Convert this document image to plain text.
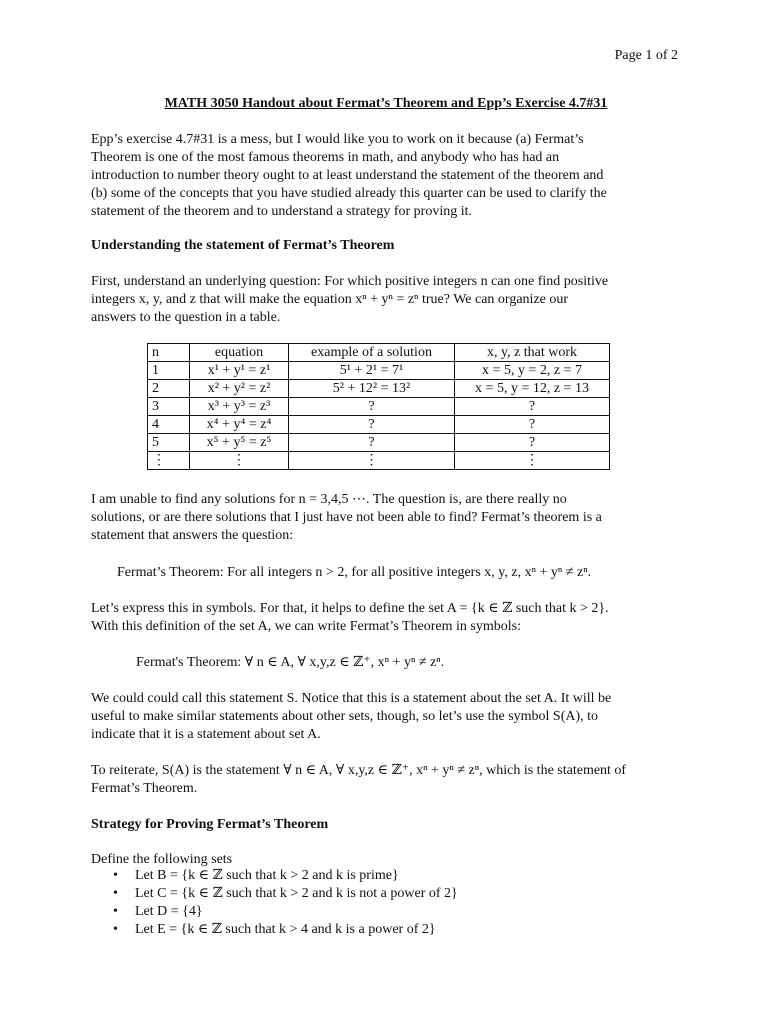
Page 1 of 2
MATH 3050 Handout about Fermat’s Theorem and Epp’s Exercise 4.7#31
Epp’s exercise 4.7#31 is a mess, but I would like you to work on it because (a) Fermat’s
Theorem is one of the most famous theorems in math, and anybody who has had an
introduction to number theory ought to at least understand the statement of the theorem and
(b) some of the concepts that you have studied already this quarter can be used to clarify the
statement of the theorem and to understand a strategy for proving it.
Understanding the statement of Fermat’s Theorem
First, understand an underlying question: For which positive integers n can one find positive
integers x, y, and z that will make the equation xⁿ + yⁿ = zⁿ true? We can organize our
answers to the question in a table.
n	equation	example of a solution	x, y, z that work
1	x¹ + y¹ = z¹	5¹ + 2¹ = 7¹	x = 5, y = 2, z = 7
2	x² + y² = z²	5² + 12² = 13²	x = 5, y = 12, z = 13
3	x³ + y³ = z³	?	?
4	x⁴ + y⁴ = z⁴	?	?
5	x⁵ + y⁵ = z⁵	?	?
⋮	⋮	⋮	⋮
I am unable to find any solutions for n = 3,4,5 ⋯. The question is, are there really no
solutions, or are there solutions that I just have not been able to find? Fermat’s theorem is a
statement that answers the question:
Fermat’s Theorem: For all integers n > 2, for all positive integers x, y, z, xⁿ + yⁿ ≠ zⁿ.
Let’s express this in symbols. For that, it helps to define the set A = {k ∈ ℤ such that k > 2}.
With this definition of the set A, we can write Fermat’s Theorem in symbols:
Fermat's Theorem: ∀ n ∈ A, ∀ x,y,z ∈ ℤ⁺, xⁿ + yⁿ ≠ zⁿ.
We could could call this statement S. Notice that this is a statement about the set A. It will be
useful to make similar statements about other sets, though, so let’s use the symbol S(A), to
indicate that it is a statement about set A.
To reiterate, S(A) is the statement ∀ n ∈ A, ∀ x,y,z ∈ ℤ⁺, xⁿ + yⁿ ≠ zⁿ, which is the statement of
Fermat’s Theorem.
Strategy for Proving Fermat’s Theorem
Define the following sets
• Let B = {k ∈ ℤ such that k > 2 and k is prime}
• Let C = {k ∈ ℤ such that k > 2 and k is not a power of 2}
• Let D = {4}
• Let E = {k ∈ ℤ such that k > 4 and k is a power of 2}
